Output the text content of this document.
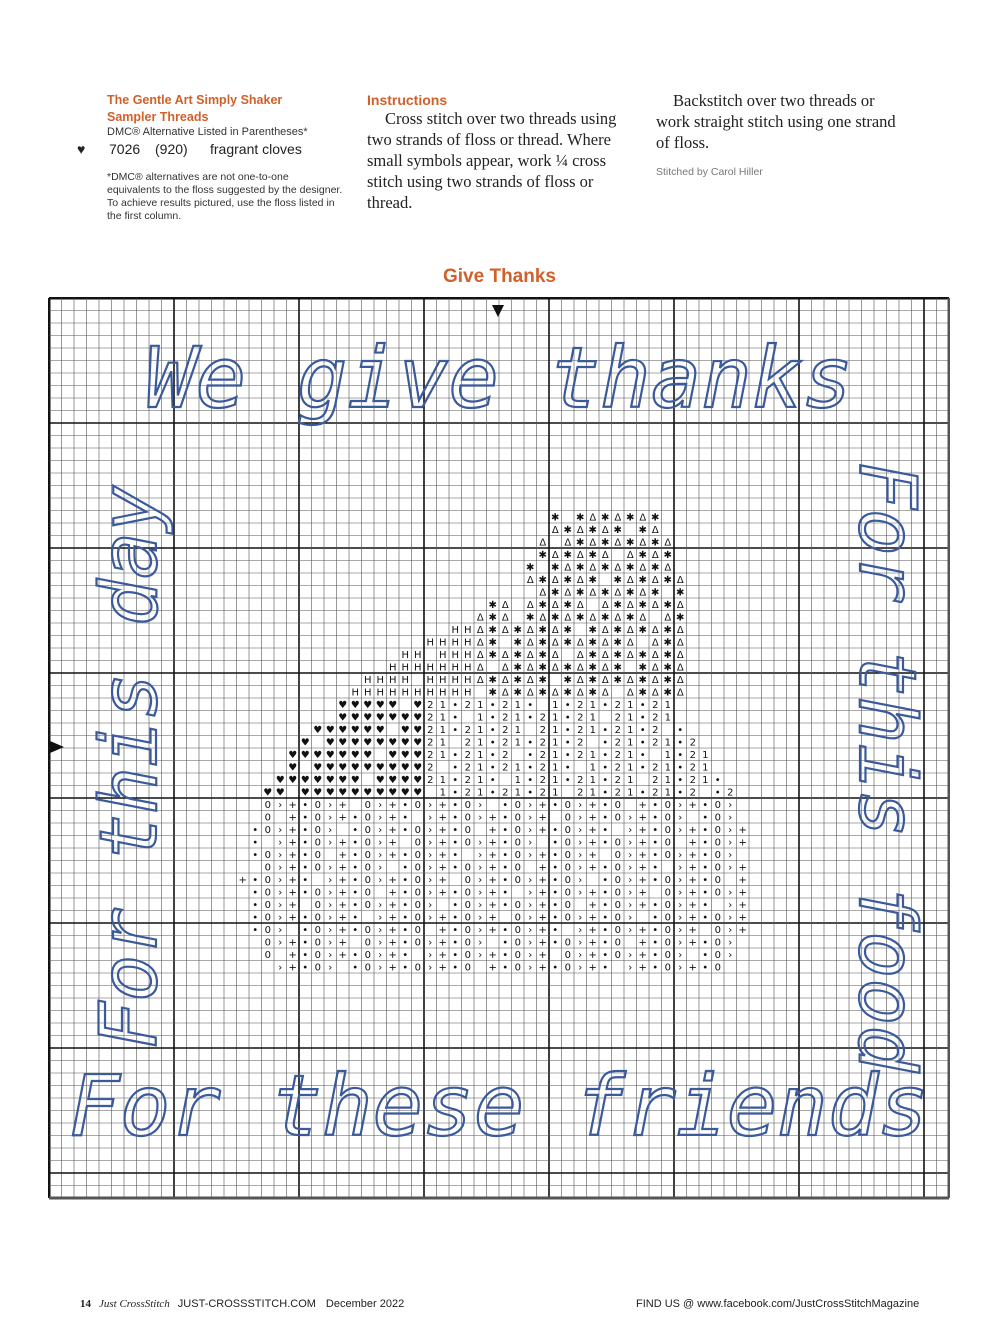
The Gentle Art Simply Shaker
Sampler Threads
DMC® Alternative Listed in Parentheses*
♥ 7026 (920) fragrant cloves
*DMC® alternatives are not one-to-one equivalents to the floss suggested by the designer. To achieve results pictured, use the floss listed in the first column.
Instructions
Cross stitch over two threads using two strands of floss or thread. Where small symbols appear, work ¼ cross stitch using two strands of floss or thread.
Backstitch over two threads or work straight stitch using one strand of floss.
Stitched by Carol Hiller
Give Thanks
✱ ✱ Δ ✱ Δ ✱ Δ ✱
Δ ✱ Δ ✱ Δ ✱ ✱ Δ
Δ Δ ✱ Δ ✱ Δ ✱ Δ ✱ Δ
✱ Δ ✱ Δ ✱ Δ Δ ✱ Δ ✱
✱ ✱ Δ ✱ Δ ✱ Δ ✱ Δ ✱ Δ
Δ ✱ Δ ✱ Δ ✱ ✱ Δ ✱ Δ ✱ Δ
Δ ✱ Δ ✱ Δ ✱ Δ ✱ Δ ✱ ✱
✱ Δ Δ ✱ Δ ✱ Δ Δ ✱ Δ ✱ Δ ✱ Δ
Δ ✱ Δ ✱ Δ ✱ Δ ✱ Δ ✱ Δ ✱ Δ Δ ✱
H H Δ ✱ Δ ✱ Δ ✱ Δ ✱ ✱ Δ ✱ Δ ✱ Δ ✱ Δ
H H H H Δ ✱ ✱ Δ ✱ Δ ✱ Δ ✱ Δ ✱ Δ Δ ✱ Δ
H H H H H Δ ✱ Δ ✱ Δ ✱ Δ Δ ✱ Δ ✱ Δ ✱ Δ ✱ Δ
H H H H H H H Δ Δ ✱ Δ ✱ Δ ✱ Δ ✱ Δ ✱ ✱ Δ ✱ Δ
H H H H H H H H Δ ✱ Δ ✱ Δ ✱ ✱ Δ ✱ Δ ✱ Δ ✱ Δ ✱ Δ
H H H H H H H H H H ✱ Δ ✱ Δ ✱ Δ ✱ Δ ✱ Δ Δ ✱ Δ ✱ Δ
♥ ♥ ♥ ♥ ♥ ♥ 2 1 • 2 1 • 2 1 • 1 • 2 1 • 2 1 • 2 1
♥ ♥ ♥ ♥ ♥ ♥ ♥ 2 1 • 1 • 2 1 • 2 1 • 2 1 2 1 • 2 1
♥ ♥ ♥ ♥ ♥ ♥ ♥ ♥ 2 1 • 2 1 • 2 1 2 1 • 2 1 • 2 1 • 2 •
♥ ♥ ♥ ♥ ♥ ♥ ♥ ♥ ♥ 2 1 2 1 • 2 1 • 2 1 • 2 • 2 1 • 2 1 • 2
♥ ♥ ♥ ♥ ♥ ♥ ♥ ♥ ♥ ♥ 2 1 • 2 1 • 2 • 2 1 • 2 1 • 2 1 • 1 • 2 1
♥ ♥ ♥ ♥ ♥ ♥ ♥ ♥ ♥ ♥ 2 • 2 1 • 2 1 • 2 1 • 1 • 2 1 • 2 1 • 2 1
♥ ♥ ♥ ♥ ♥ ♥ ♥ ♥ ♥ ♥ ♥ 2 1 • 2 1 • 1 • 2 1 • 2 1 • 2 1 2 1 • 2 1 •
♥ ♥ ♥ ♥ ♥ ♥ ♥ ♥ ♥ ♥ ♥ ♥ 1 • 2 1 • 2 1 • 2 1 2 1 • 2 1 • 2 1 • 2 • 2
0 › + • 0 › + 0 › + • 0 › + • 0 › • 0 › + • 0 › + • 0 + • 0 › + • 0 ›
0 + • 0 › + • 0 › + • › + • 0 › + • 0 › + 0 › + • 0 › + • 0 › • 0 ›
• 0 › + • 0 › • 0 › + • 0 › + • 0 + • 0 › + • 0 › + • › + • 0 › + • 0 › +
• › + • 0 › + • 0 › + 0 › + • 0 › + • 0 › • 0 › + • 0 › + • 0 + • 0 › +
• 0 › + • 0 + • 0 › + • 0 › + • › + • 0 › + • 0 › + 0 › + • 0 › + • 0 ›
0 › + • 0 › + • 0 › • 0 › + • 0 › + • 0 + • 0 › + • 0 › + • › + • 0 › +
+ • 0 › + • › + • 0 › + • 0 › + 0 › + • 0 › + • 0 › • 0 › + • 0 › + • 0 +
• 0 › + • 0 › + • 0 + • 0 › + • 0 › + • › + • 0 › + • 0 › + 0 › + • 0 › +
• 0 › + 0 › + • 0 › + • 0 › • 0 › + • 0 › + • 0 + • 0 › + • 0 › + • › +
• 0 › + • 0 › + • › + • 0 › + • 0 › + 0 › + • 0 › + • 0 › • 0 › + • 0 › +
• 0 › • 0 › + • 0 › + • 0 + • 0 › + • 0 › + • › + • 0 › + • 0 › + 0 › +
0 › + • 0 › + 0 › + • 0 › + • 0 › • 0 › + • 0 › + • 0 + • 0 › + • 0 ›
0 + • 0 › + • 0 › + • › + • 0 › + • 0 › + 0 › + • 0 › + • 0 › • 0 ›
› + • 0 › • 0 › + • 0 › + • 0 + • 0 › + • 0 › + • › + • 0 › + • 0
We give thanks
For these friends
For this day	For this food
14 Just CrossStitch JUST-CROSSSTITCH.COM December 2022	FIND US @ www.facebook.com/JustCrossStitchMagazine
